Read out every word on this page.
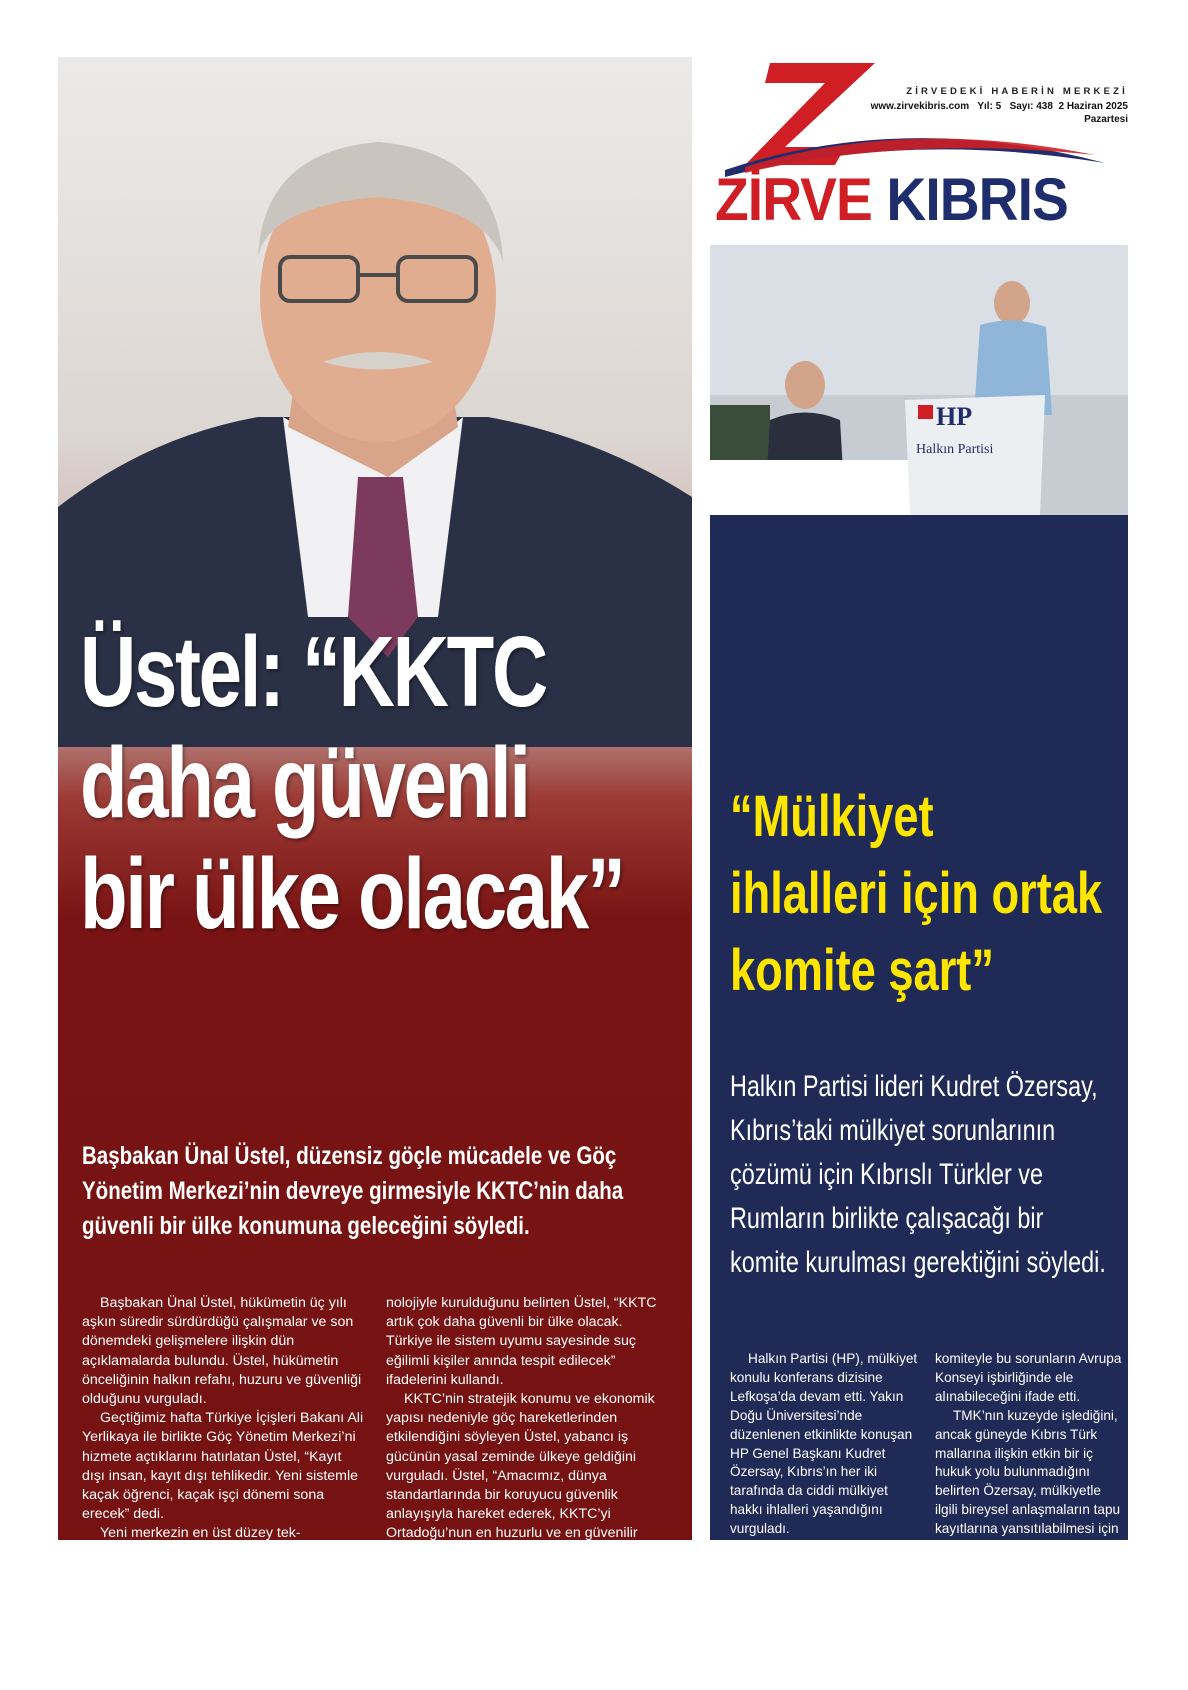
Üstel: “KKTC
daha güvenli
bir ülke olacak”
Başbakan Ünal Üstel, düzensiz göçle mücadele ve Göç Yönetim Merkezi’nin devreye girmesiyle KKTC’nin daha güvenli bir ülke konumuna geleceğini söyledi.

Başbakan Ünal Üstel, hükümetin üç yılı aşkın süredir sürdürdüğü çalışmalar ve son dönemdeki gelişmelere ilişkin dün açıklamalarda bulundu. Üstel, hükümetin önceliğinin halkın refahı, huzuru ve güvenliği olduğunu vurguladı.

Geçtiğimiz hafta Türkiye İçişleri Bakanı Ali Yerlikaya ile birlikte Göç Yönetim Merkezi’ni hizmete açtıklarını hatırlatan Üstel, “Kayıt dışı insan, kayıt dışı tehlikedir. Yeni sistemle kaçak öğrenci, kaçak işçi dönemi sona erecek” dedi.

Yeni merkezin en üst düzey tek-

nolojiyle kurulduğunu belirten Üstel, “KKTC artık çok daha güvenli bir ülke olacak. Türkiye ile sistem uyumu sayesinde suç eğilimli kişiler anında tespit edilecek” ifadelerini kullandı.

KKTC’nin stratejik konumu ve ekonomik yapısı nedeniyle göç hareketlerinden etkilendiğini söyleyen Üstel, yabancı iş gücünün yasal zeminde ülkeye geldiğini vurguladı. Üstel, “Amacımız, dünya standartlarında bir koruyucu güvenlik anlayışıyla hareket ederek, KKTC’yi Ortadoğu’nun en huzurlu ve en güvenilir ülkesi haline getirmektir” diye konuştu.

ZİRVEDEKİ HABERİN MERKEZİ
www.zirvekibris.com Yıl: 5 Sayı: 438 2 Haziran 2025
Pazartesi
ZİRVE KIBRIS
HP
Halkın Partisi
“Mülkiyet
ihlalleri için ortak
komite şart”
Halkın Partisi lideri Kudret Özersay, Kıbrıs’taki mülkiyet sorunlarının çözümü için Kıbrıslı Türkler ve Rumların birlikte çalışacağı bir komite kurulması gerektiğini söyledi.

Halkın Partisi (HP), mülkiyet konulu konferans dizisine Lefkoşa’da devam etti. Yakın Doğu Üniversitesi’nde düzenlenen etkinlikte konuşan HP Genel Başkanı Kudret Özersay, Kıbrıs’ın her iki tarafında da ciddi mülkiyet hakkı ihlalleri yaşandığını vurguladı.

Özersay, “Kayıp şahıslar ve kültürel miras konularında olduğu gibi, mülkiyet meselesinde de kapsamlı çözümü beklemeden adımlar atılmalı” dedi. Kıbrıslı Türkler ve Rumların oluşturacağı bir ortak

komiteyle bu sorunların Avrupa Konseyi işbirliğinde ele alınabileceğini ifade etti.

TMK’nın kuzeyde işlediğini, ancak güneyde Kıbrıs Türk mallarına ilişkin etkin bir iç hukuk yolu bulunmadığını belirten Özersay, mülkiyetle ilgili bireysel anlaşmaların tapu kayıtlarına yansıtılabilmesi için de iki taraflı teknik işbirliği gerektiğini söyledi.

Konferansın açılışını yapan HP Lefkoşa İlçe Başkanı Mustafa Kendir ise mülkiyet sorununun tüm kesimleri etkilediğine dikkat çekti.
